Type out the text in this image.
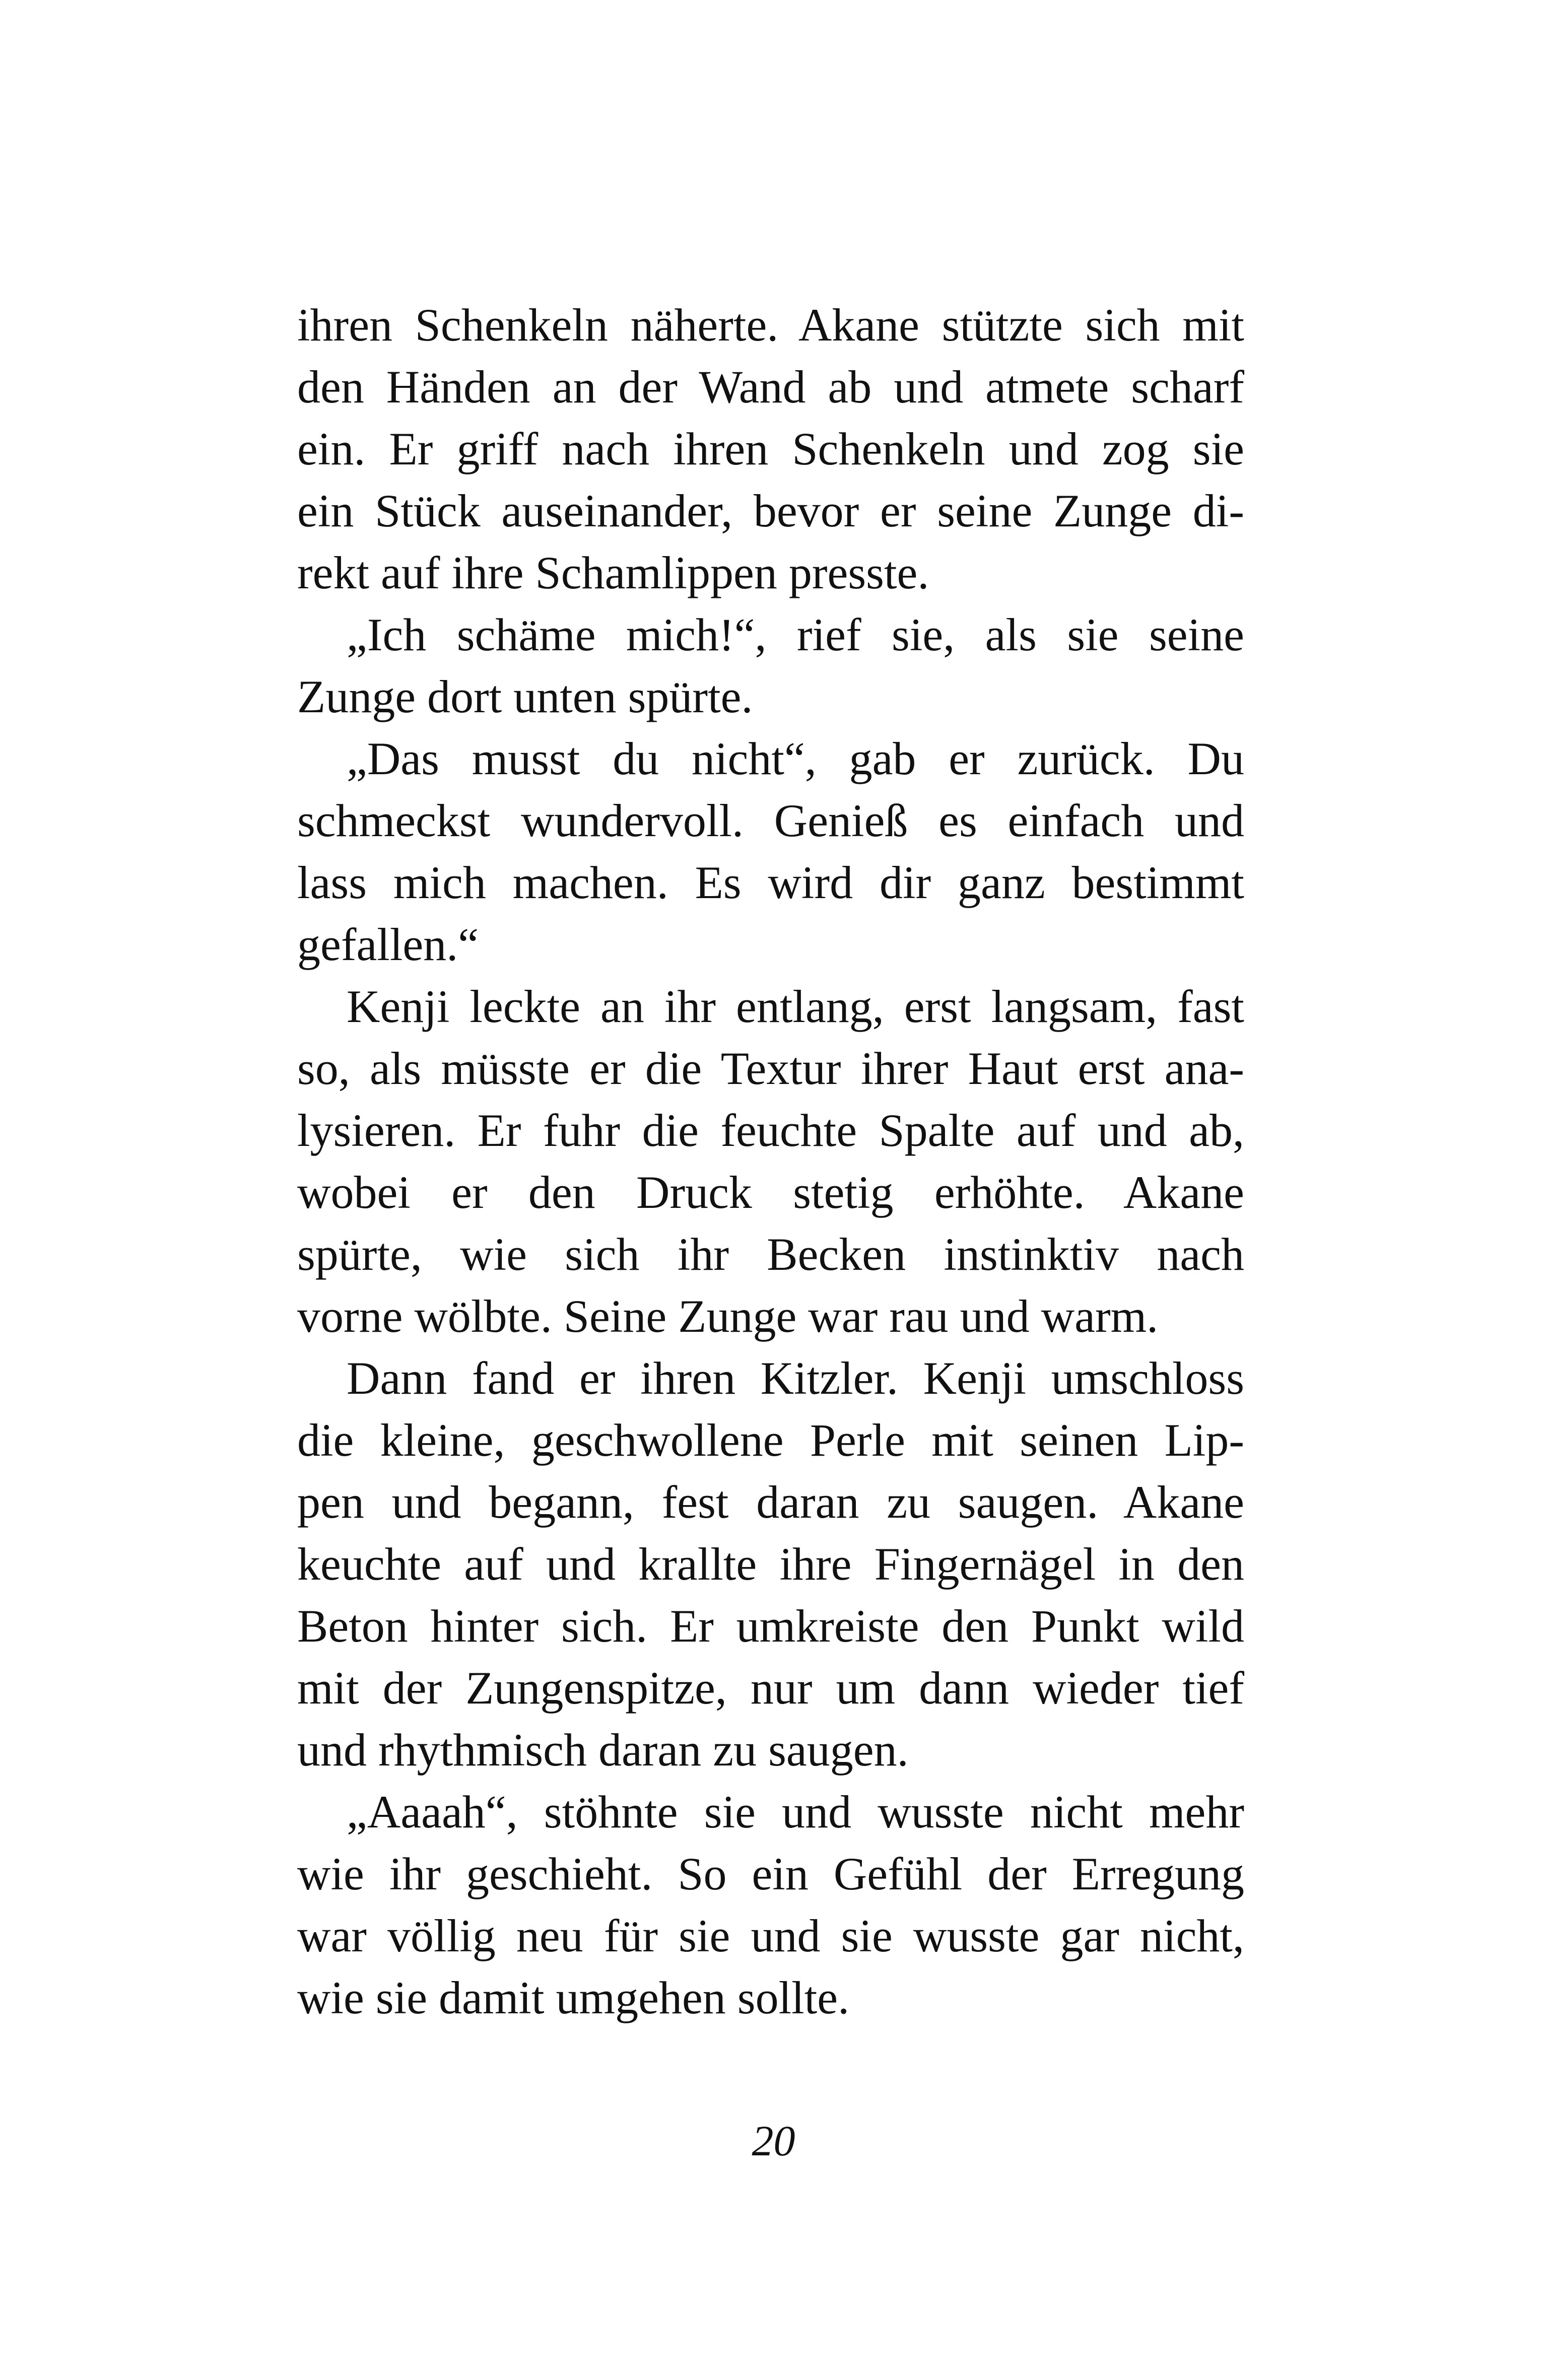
ihren Schenkeln näherte. Akane stützte sich mit
den Händen an der Wand ab und atmete scharf
ein. Er griff nach ihren Schenkeln und zog sie
ein Stück auseinander, bevor er seine Zunge di-
rekt auf ihre Schamlippen presste.
„Ich schäme mich!“, rief sie, als sie seine
Zunge dort unten spürte.
„Das musst du nicht“, gab er zurück. Du
schmeckst wundervoll. Genieß es einfach und
lass mich machen. Es wird dir ganz bestimmt
gefallen.“
Kenji leckte an ihr entlang, erst langsam, fast
so, als müsste er die Textur ihrer Haut erst ana-
lysieren. Er fuhr die feuchte Spalte auf und ab,
wobei er den Druck stetig erhöhte. Akane
spürte, wie sich ihr Becken instinktiv nach
vorne wölbte. Seine Zunge war rau und warm.
Dann fand er ihren Kitzler. Kenji umschloss
die kleine, geschwollene Perle mit seinen Lip-
pen und begann, fest daran zu saugen. Akane
keuchte auf und krallte ihre Fingernägel in den
Beton hinter sich. Er umkreiste den Punkt wild
mit der Zungenspitze, nur um dann wieder tief
und rhythmisch daran zu saugen.
„Aaaah“, stöhnte sie und wusste nicht mehr
wie ihr geschieht. So ein Gefühl der Erregung
war völlig neu für sie und sie wusste gar nicht,
wie sie damit umgehen sollte.
20
